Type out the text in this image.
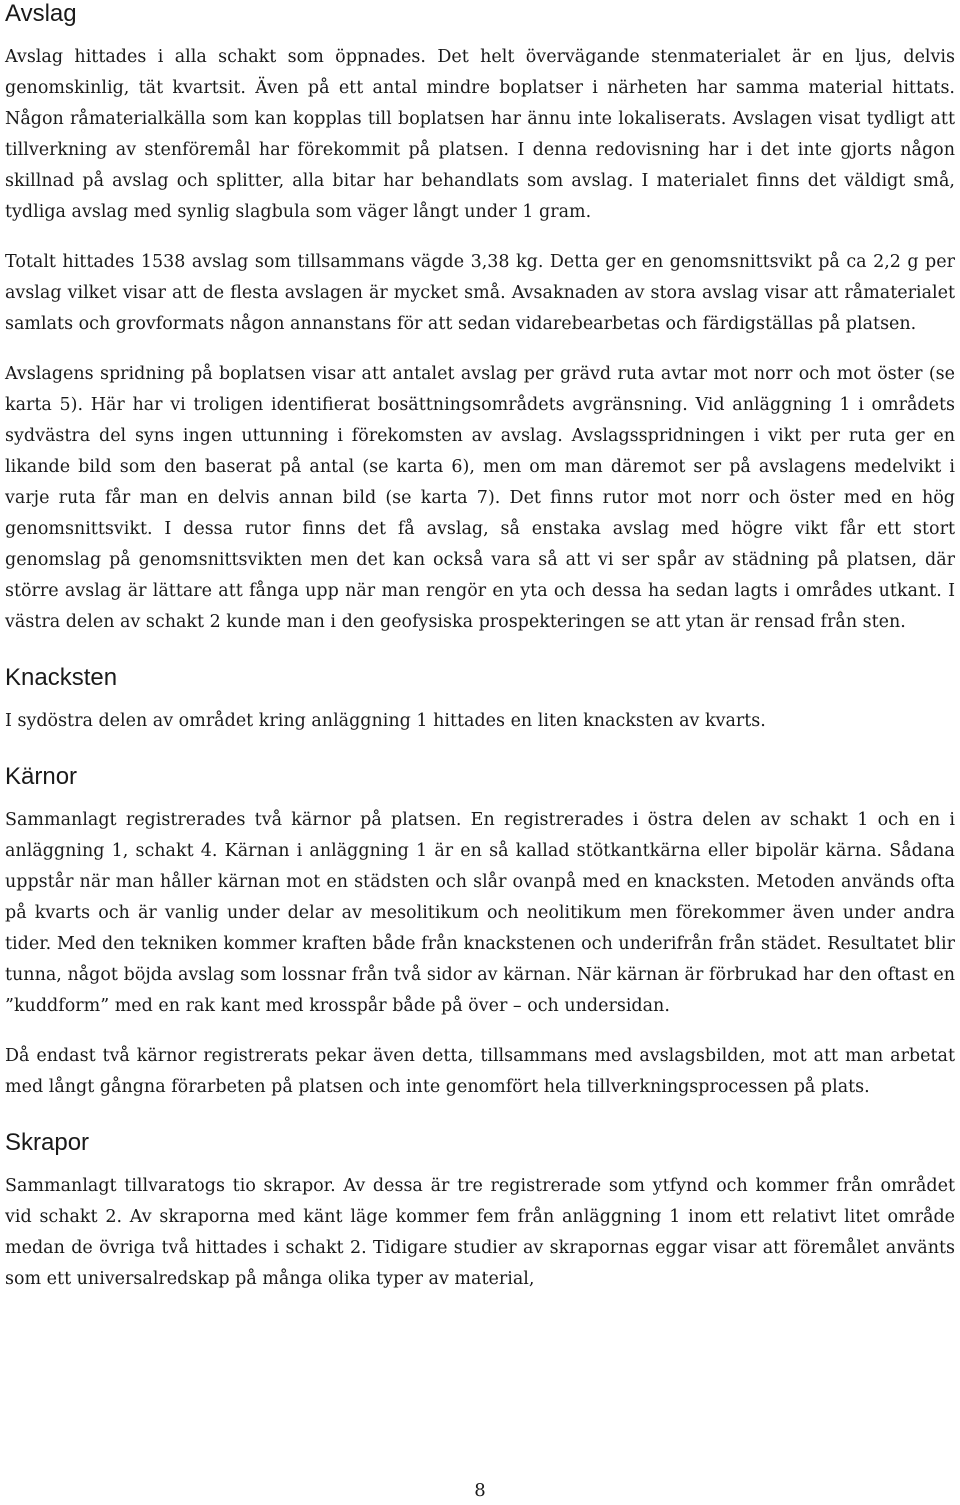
Avslag

Avslag hittades i alla schakt som öppnades. Det helt övervägande stenmaterialet är en ljus, delvis genomskinlig, tät kvartsit. Även på ett antal mindre boplatser i närheten har samma material hittats. Någon råmaterialkälla som kan kopplas till boplatsen har ännu inte lokaliserats. Avslagen visat tydligt att tillverkning av stenföremål har förekommit på platsen. I denna redovisning har i det inte gjorts någon skillnad på avslag och splitter, alla bitar har behandlats som avslag. I materialet finns det väldigt små, tydliga avslag med synlig slagbula som väger långt under 1 gram.

Totalt hittades 1538 avslag som tillsammans vägde 3,38 kg. Detta ger en genomsnittsvikt på ca 2,2 g per avslag vilket visar att de flesta avslagen är mycket små. Avsaknaden av stora avslag visar att råmaterialet samlats och grovformats någon annanstans för att sedan vidarebearbetas och färdigställas på platsen.

Avslagens spridning på boplatsen visar att antalet avslag per grävd ruta avtar mot norr och mot öster (se karta 5). Här har vi troligen identifierat bosättningsområdets avgränsning. Vid anläggning 1 i områdets sydvästra del syns ingen uttunning i förekomsten av avslag. Avslagsspridningen i vikt per ruta ger en likande bild som den baserat på antal (se karta 6), men om man däremot ser på avslagens medelvikt i varje ruta får man en delvis annan bild (se karta 7). Det finns rutor mot norr och öster med en hög genomsnittsvikt. I dessa rutor finns det få avslag, så enstaka avslag med högre vikt får ett stort genomslag på genomsnittsvikten men det kan också vara så att vi ser spår av städning på platsen, där större avslag är lättare att fånga upp när man rengör en yta och dessa ha sedan lagts i områdes utkant. I västra delen av schakt 2 kunde man i den geofysiska prospekteringen se att ytan är rensad från sten.

Knacksten

I sydöstra delen av området kring anläggning 1 hittades en liten knacksten av kvarts.

Kärnor

Sammanlagt registrerades två kärnor på platsen. En registrerades i östra delen av schakt 1 och en i anläggning 1, schakt 4. Kärnan i anläggning 1 är en så kallad stötkantkärna eller bipolär kärna. Sådana uppstår när man håller kärnan mot en städsten och slår ovanpå med en knacksten. Metoden används ofta på kvarts och är vanlig under delar av mesolitikum och neolitikum men förekommer även under andra tider. Med den tekniken kommer kraften både från knackstenen och underifrån från städet. Resultatet blir tunna, något böjda avslag som lossnar från två sidor av kärnan. När kärnan är förbrukad har den oftast en ”kuddform” med en rak kant med krosspår både på över – och undersidan.

Då endast två kärnor registrerats pekar även detta, tillsammans med avslagsbilden, mot att man arbetat med långt gångna förarbeten på platsen och inte genomfört hela tillverkningsprocessen på plats.

Skrapor

Sammanlagt tillvaratogs tio skrapor. Av dessa är tre registrerade som ytfynd och kommer från området vid schakt 2. Av skraporna med känt läge kommer fem från anläggning 1 inom ett relativt litet område medan de övriga två hittades i schakt 2. Tidigare studier av skrapornas eggar visar att föremålet använts som ett universalredskap på många olika typer av material,

8
